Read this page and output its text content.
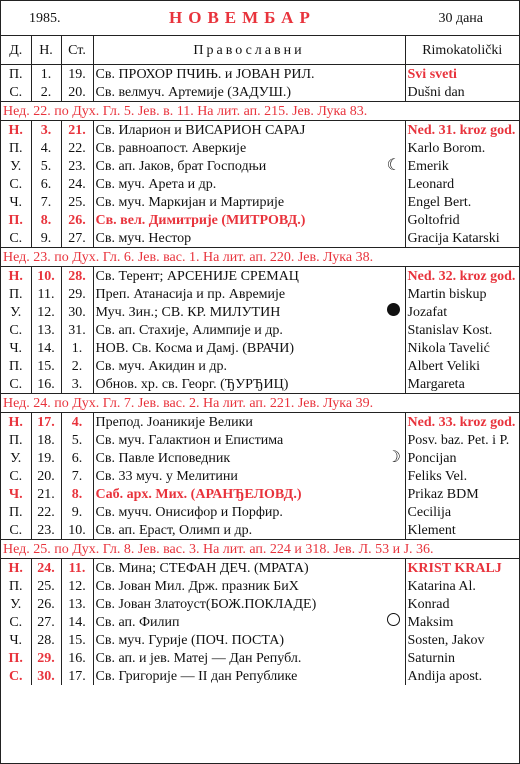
1985.	НОВЕМБАР	30 дана
Д.	Н.	Ст.	Православни		Rimokatolički
П.	1.	19.	Св. ПРОХОР ПЧИЊ. и ЈОВАН РИЛ.		Svi sveti
С.	2.	20.	Св. велмуч. Артемије (ЗАДУШ.)		Dušni dan
Нед. 22. по Дух. Гл. 5. Јев. в. 11. На лит. ап. 215. Јев. Лука 83.					
Н.	3.	21.	Св. Иларион и ВИСАРИОН САРАЈ		Ned. 31. kroz god.
П.	4.	22.	Св. равноапост. Аверкије		Karlo Borom.
У.	5.	23.	Св. ап. Јаков, брат Господњи	☾	Emerik
С.	6.	24.	Св. муч. Арета и др.		Leonard
Ч.	7.	25.	Св. муч. Маркијан и Мартирије		Engel Bert.
П.	8.	26.	Св. вел. Димитрије (МИТРОВД.)		Goltofrid
С.	9.	27.	Св. муч. Нестор		Gracija Katarski
Нед. 23. по Дух. Гл. 6. Јев. вас. 1. На лит. ап. 220. Јев. Лука 38.					
Н.	10.	28.	Св. Терент; АРСЕНИЈЕ СРЕМАЦ		Ned. 32. kroz god.
П.	11.	29.	Преп. Атанасија и пр. Авремије		Martin biskup
У.	12.	30.	Муч. Зин.; СВ. КР. МИЛУТИН		Jozafat
С.	13.	31.	Св. ап. Стахије, Алимпије и др.		Stanislav Kost.
Ч.	14.	1.	НОВ. Св. Косма и Дамј. (ВРАЧИ)		Nikola Tavelić
П.	15.	2.	Св. муч. Акидин и др.		Albert Veliki
С.	16.	3.	Обнов. хр. св. Георг. (ЂУРЂИЦ)		Margareta
Нед. 24. по Дух. Гл. 7. Јев. вас. 2. На лит. ап. 221. Јев. Лука 39.					
Н.	17.	4.	Препод. Јоаникије Велики		Ned. 33. kroz god.
П.	18.	5.	Св. муч. Галактион и Епистима		Posv. baz. Pet. i P.
У.	19.	6.	Св. Павле Исповедник	☽	Poncijan
С.	20.	7.	Св. 33 муч. у Мелитини		Feliks Vel.
Ч.	21.	8.	Саб. арх. Мих. (АРАНЂЕЛОВД.)		Prikaz BDM
П.	22.	9.	Св. мучч. Онисифор и Порфир.		Cecilija
С.	23.	10.	Св. ап. Ераст, Олимп и др.		Klement
Нед. 25. по Дух. Гл. 8. Јев. вас. 3. На лит. ап. 224 и 318. Јев. Л. 53 и Ј. 36.					
Н.	24.	11.	Св. Мина; СТЕФАН ДЕЧ. (МРАТА)		KRIST KRALJ
П.	25.	12.	Св. Јован Мил. Држ. празник БиХ		Katarina Al.
У.	26.	13.	Св. Јован Златоуст(БОЖ.ПОКЛАДЕ)		Konrad
С.	27.	14.	Св. ап. Филип		Maksim
Ч.	28.	15.	Св. муч. Гурије (ПОЧ. ПОСТА)		Sosten, Jakov
П.	29.	16.	Св. ап. и јев. Матеј — Дан Републ.		Saturnin
С.	30.	17.	Св. Григорије — II дан Републике		Andija apost.
